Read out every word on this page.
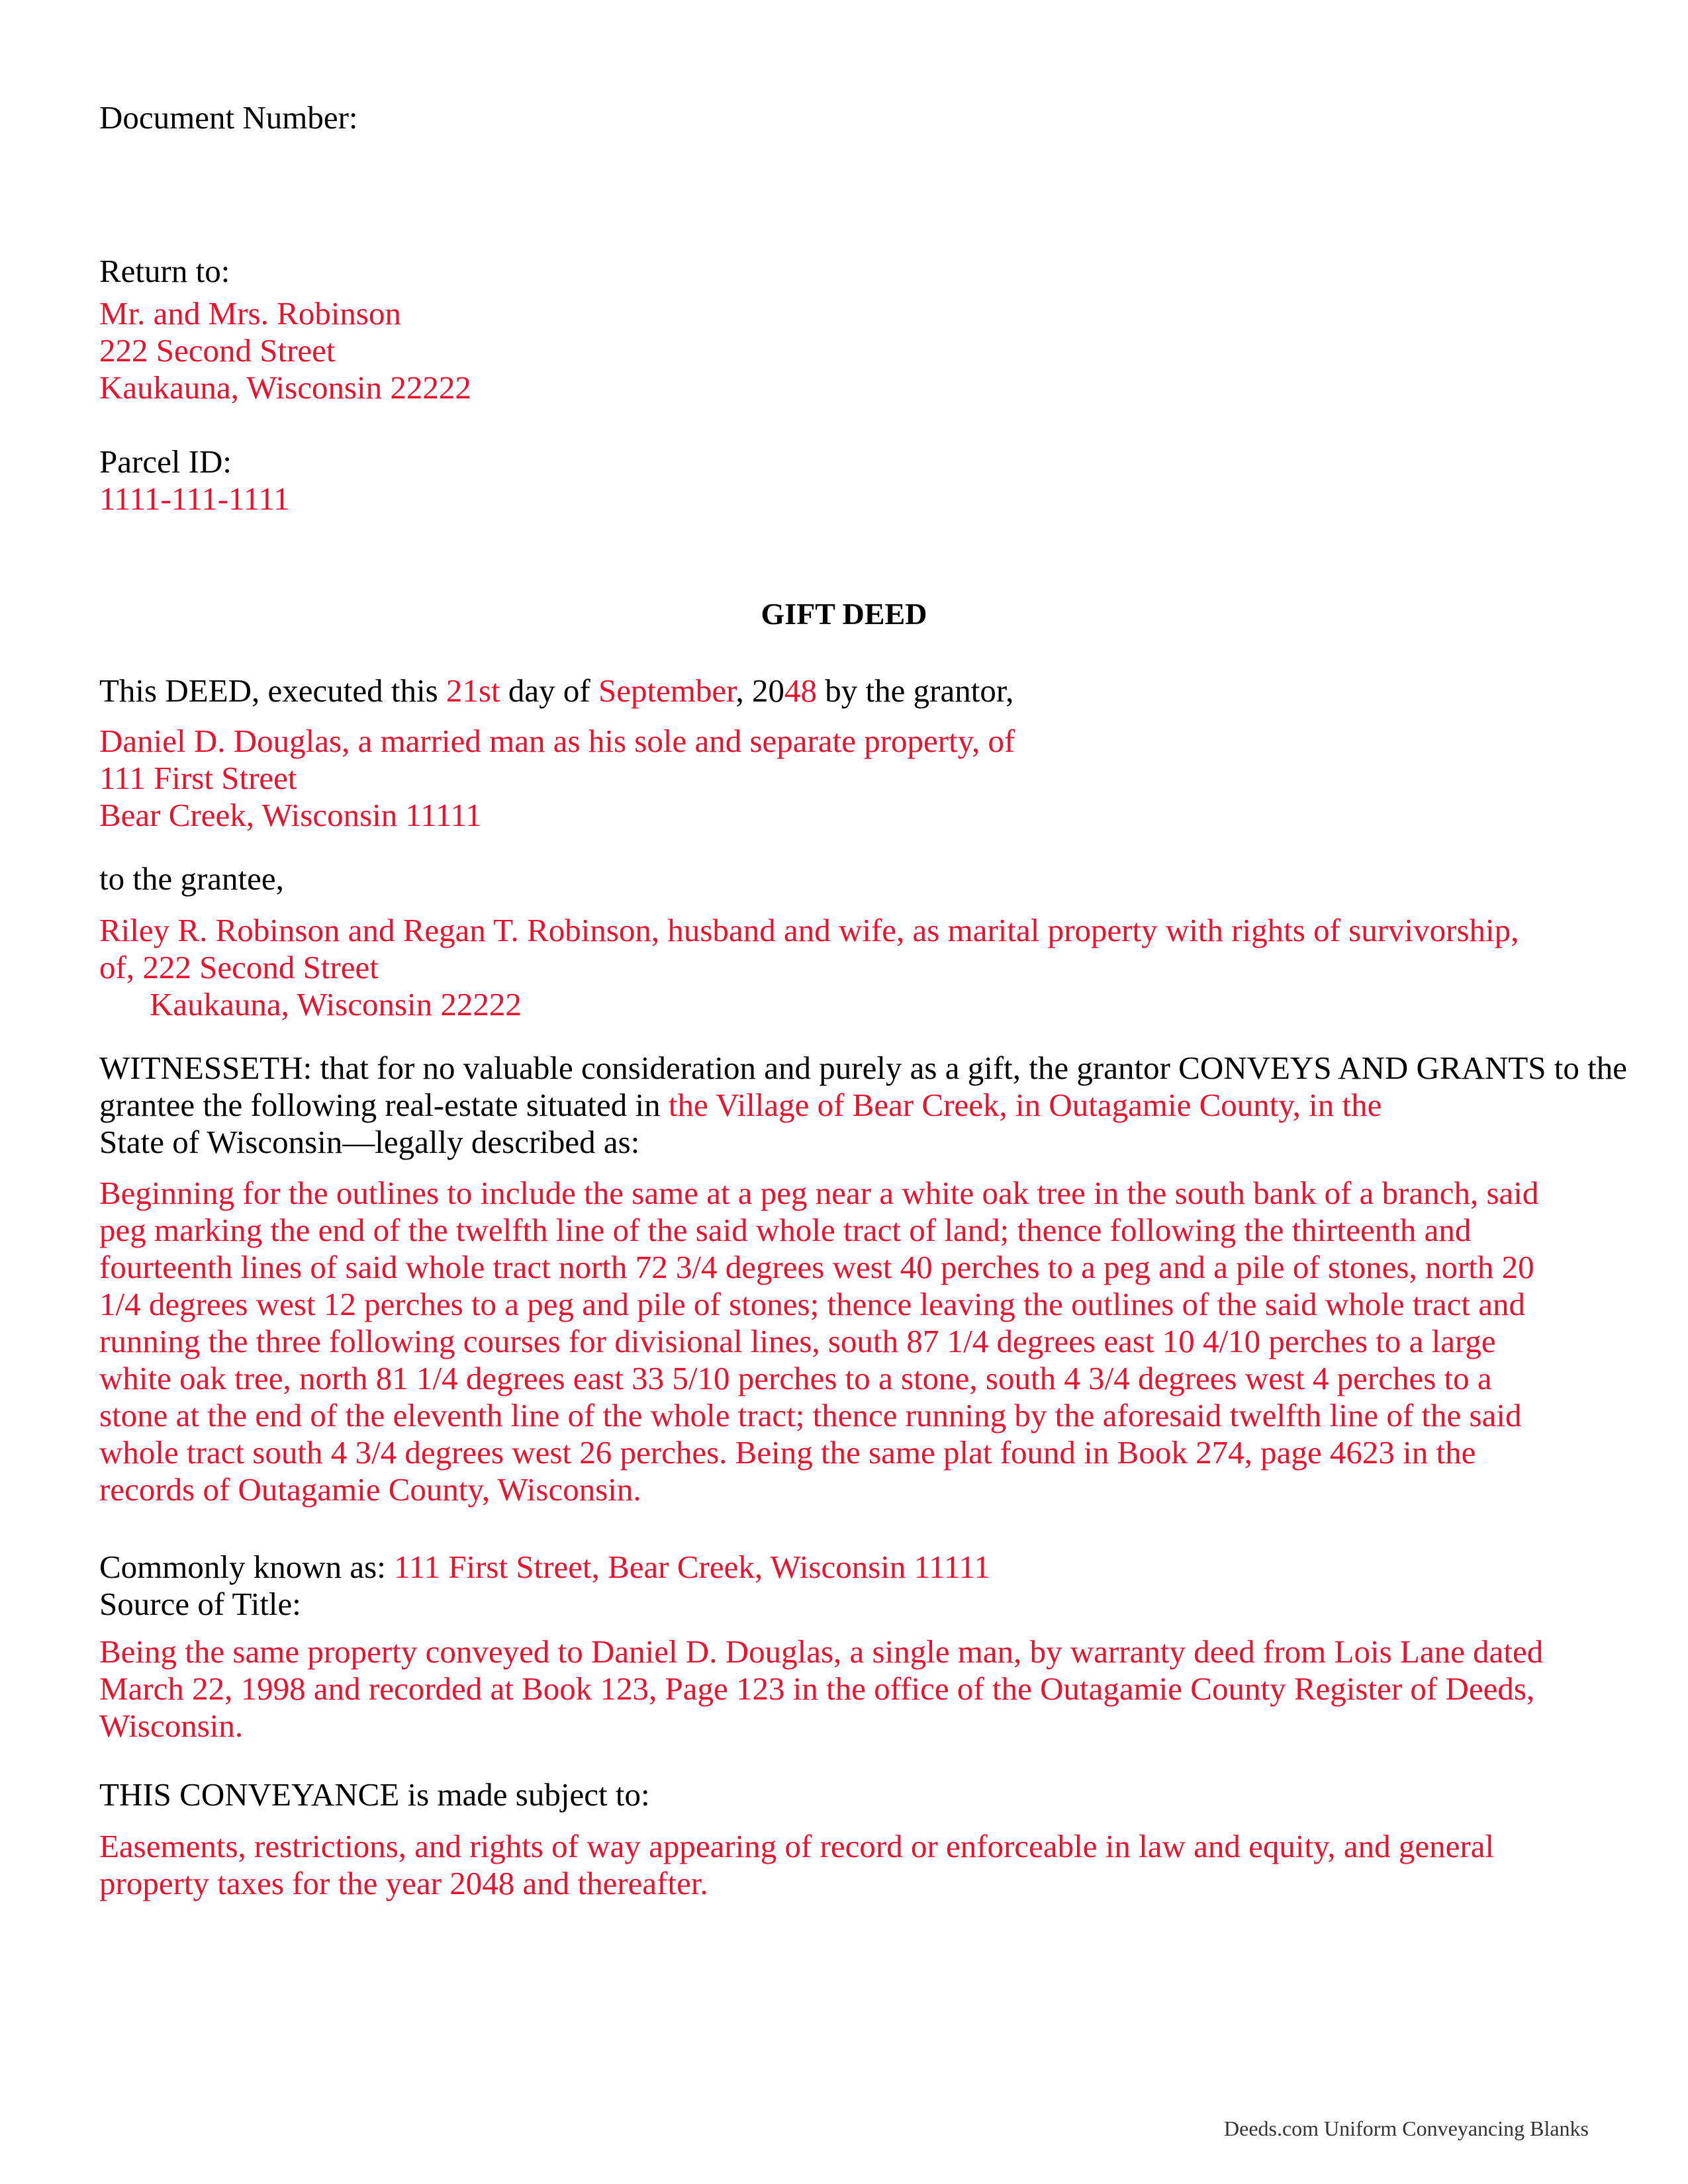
Document Number:
Return to:
Mr. and Mrs. Robinson
222 Second Street
Kaukauna, Wisconsin 22222
Parcel ID:
1111-111-1111
GIFT DEED
This DEED, executed this 21st day of September, 2048 by the grantor,
Daniel D. Douglas, a married man as his sole and separate property, of
111 First Street
Bear Creek, Wisconsin 11111
to the grantee,
Riley R. Robinson and Regan T. Robinson, husband and wife, as marital property with rights of survivorship,
of, 222 Second Street
Kaukauna, Wisconsin 22222
WITNESSETH: that for no valuable consideration and purely as a gift, the grantor CONVEYS AND GRANTS to the
grantee the following real-estate situated in the Village of Bear Creek, in Outagamie County, in the
State of Wisconsin—legally described as:
Beginning for the outlines to include the same at a peg near a white oak tree in the south bank of a branch, said
peg marking the end of the twelfth line of the said whole tract of land; thence following the thirteenth and
fourteenth lines of said whole tract north 72 3/4 degrees west 40 perches to a peg and a pile of stones, north 20
1/4 degrees west 12 perches to a peg and pile of stones; thence leaving the outlines of the said whole tract and
running the three following courses for divisional lines, south 87 1/4 degrees east 10 4/10 perches to a large
white oak tree, north 81 1/4 degrees east 33 5/10 perches to a stone, south 4 3/4 degrees west 4 perches to a
stone at the end of the eleventh line of the whole tract; thence running by the aforesaid twelfth line of the said
whole tract south 4 3/4 degrees west 26 perches. Being the same plat found in Book 274, page 4623 in the
records of Outagamie County, Wisconsin.
Commonly known as: 111 First Street, Bear Creek, Wisconsin 11111
Source of Title:
Being the same property conveyed to Daniel D. Douglas, a single man, by warranty deed from Lois Lane dated
March 22, 1998 and recorded at Book 123, Page 123 in the office of the Outagamie County Register of Deeds,
Wisconsin.
THIS CONVEYANCE is made subject to:
Easements, restrictions, and rights of way appearing of record or enforceable in law and equity, and general
property taxes for the year 2048 and thereafter.
Deeds.com Uniform Conveyancing Blanks
